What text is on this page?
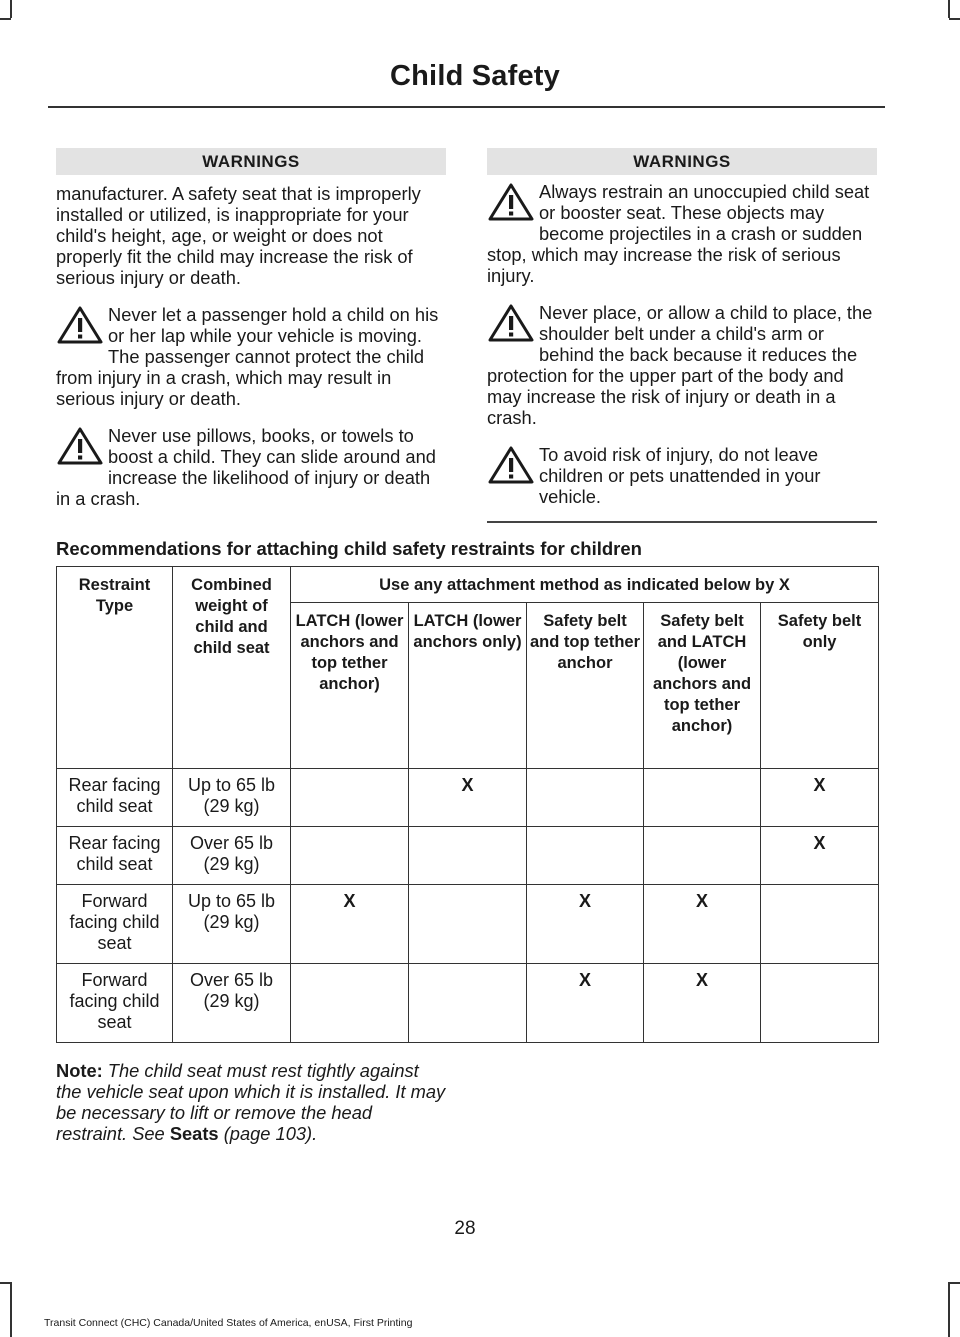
Child Safety
WARNINGS

manufacturer. A safety seat that is improperly installed or utilized, is inappropriate for your child's height, age, or weight or does not properly fit the child may increase the risk of serious injury or death.

Never let a passenger hold a child on his or her lap while your vehicle is moving. The passenger cannot protect the child from injury in a crash, which may result in serious injury or death.
Never use pillows, books, or towels to boost a child. They can slide around and increase the likelihood of injury or death in a crash.
WARNINGS
Always restrain an unoccupied child seat or booster seat. These objects may become projectiles in a crash or sudden stop, which may increase the risk of serious injury.
Never place, or allow a child to place, the shoulder belt under a child's arm or behind the back because it reduces the protection for the upper part of the body and may increase the risk of injury or death in a crash.
To avoid risk of injury, do not leave children or pets unattended in your vehicle.
Recommendations for attaching child safety restraints for children
Restraint Type	Combined weight of child and child seat	Use any attachment method as indicated below by X				
		LATCH (lower anchors and top tether anchor)	LATCH (lower anchors only)	Safety belt and top tether anchor	Safety belt and LATCH (lower anchors and top tether anchor)	Safety belt only
Rear facing child seat	Up to 65 lb (29 kg)		X			X
Rear facing child seat	Over 65 lb (29 kg)					X
Forward facing child seat	Up to 65 lb (29 kg)	X		X	X	
Forward facing child seat	Over 65 lb (29 kg)			X	X	

Note: The child seat must rest tightly against the vehicle seat upon which it is installed. It may be necessary to lift or remove the head restraint. See Seats (page 103).

28
Transit Connect (CHC) Canada/United States of America, enUSA, First Printing
